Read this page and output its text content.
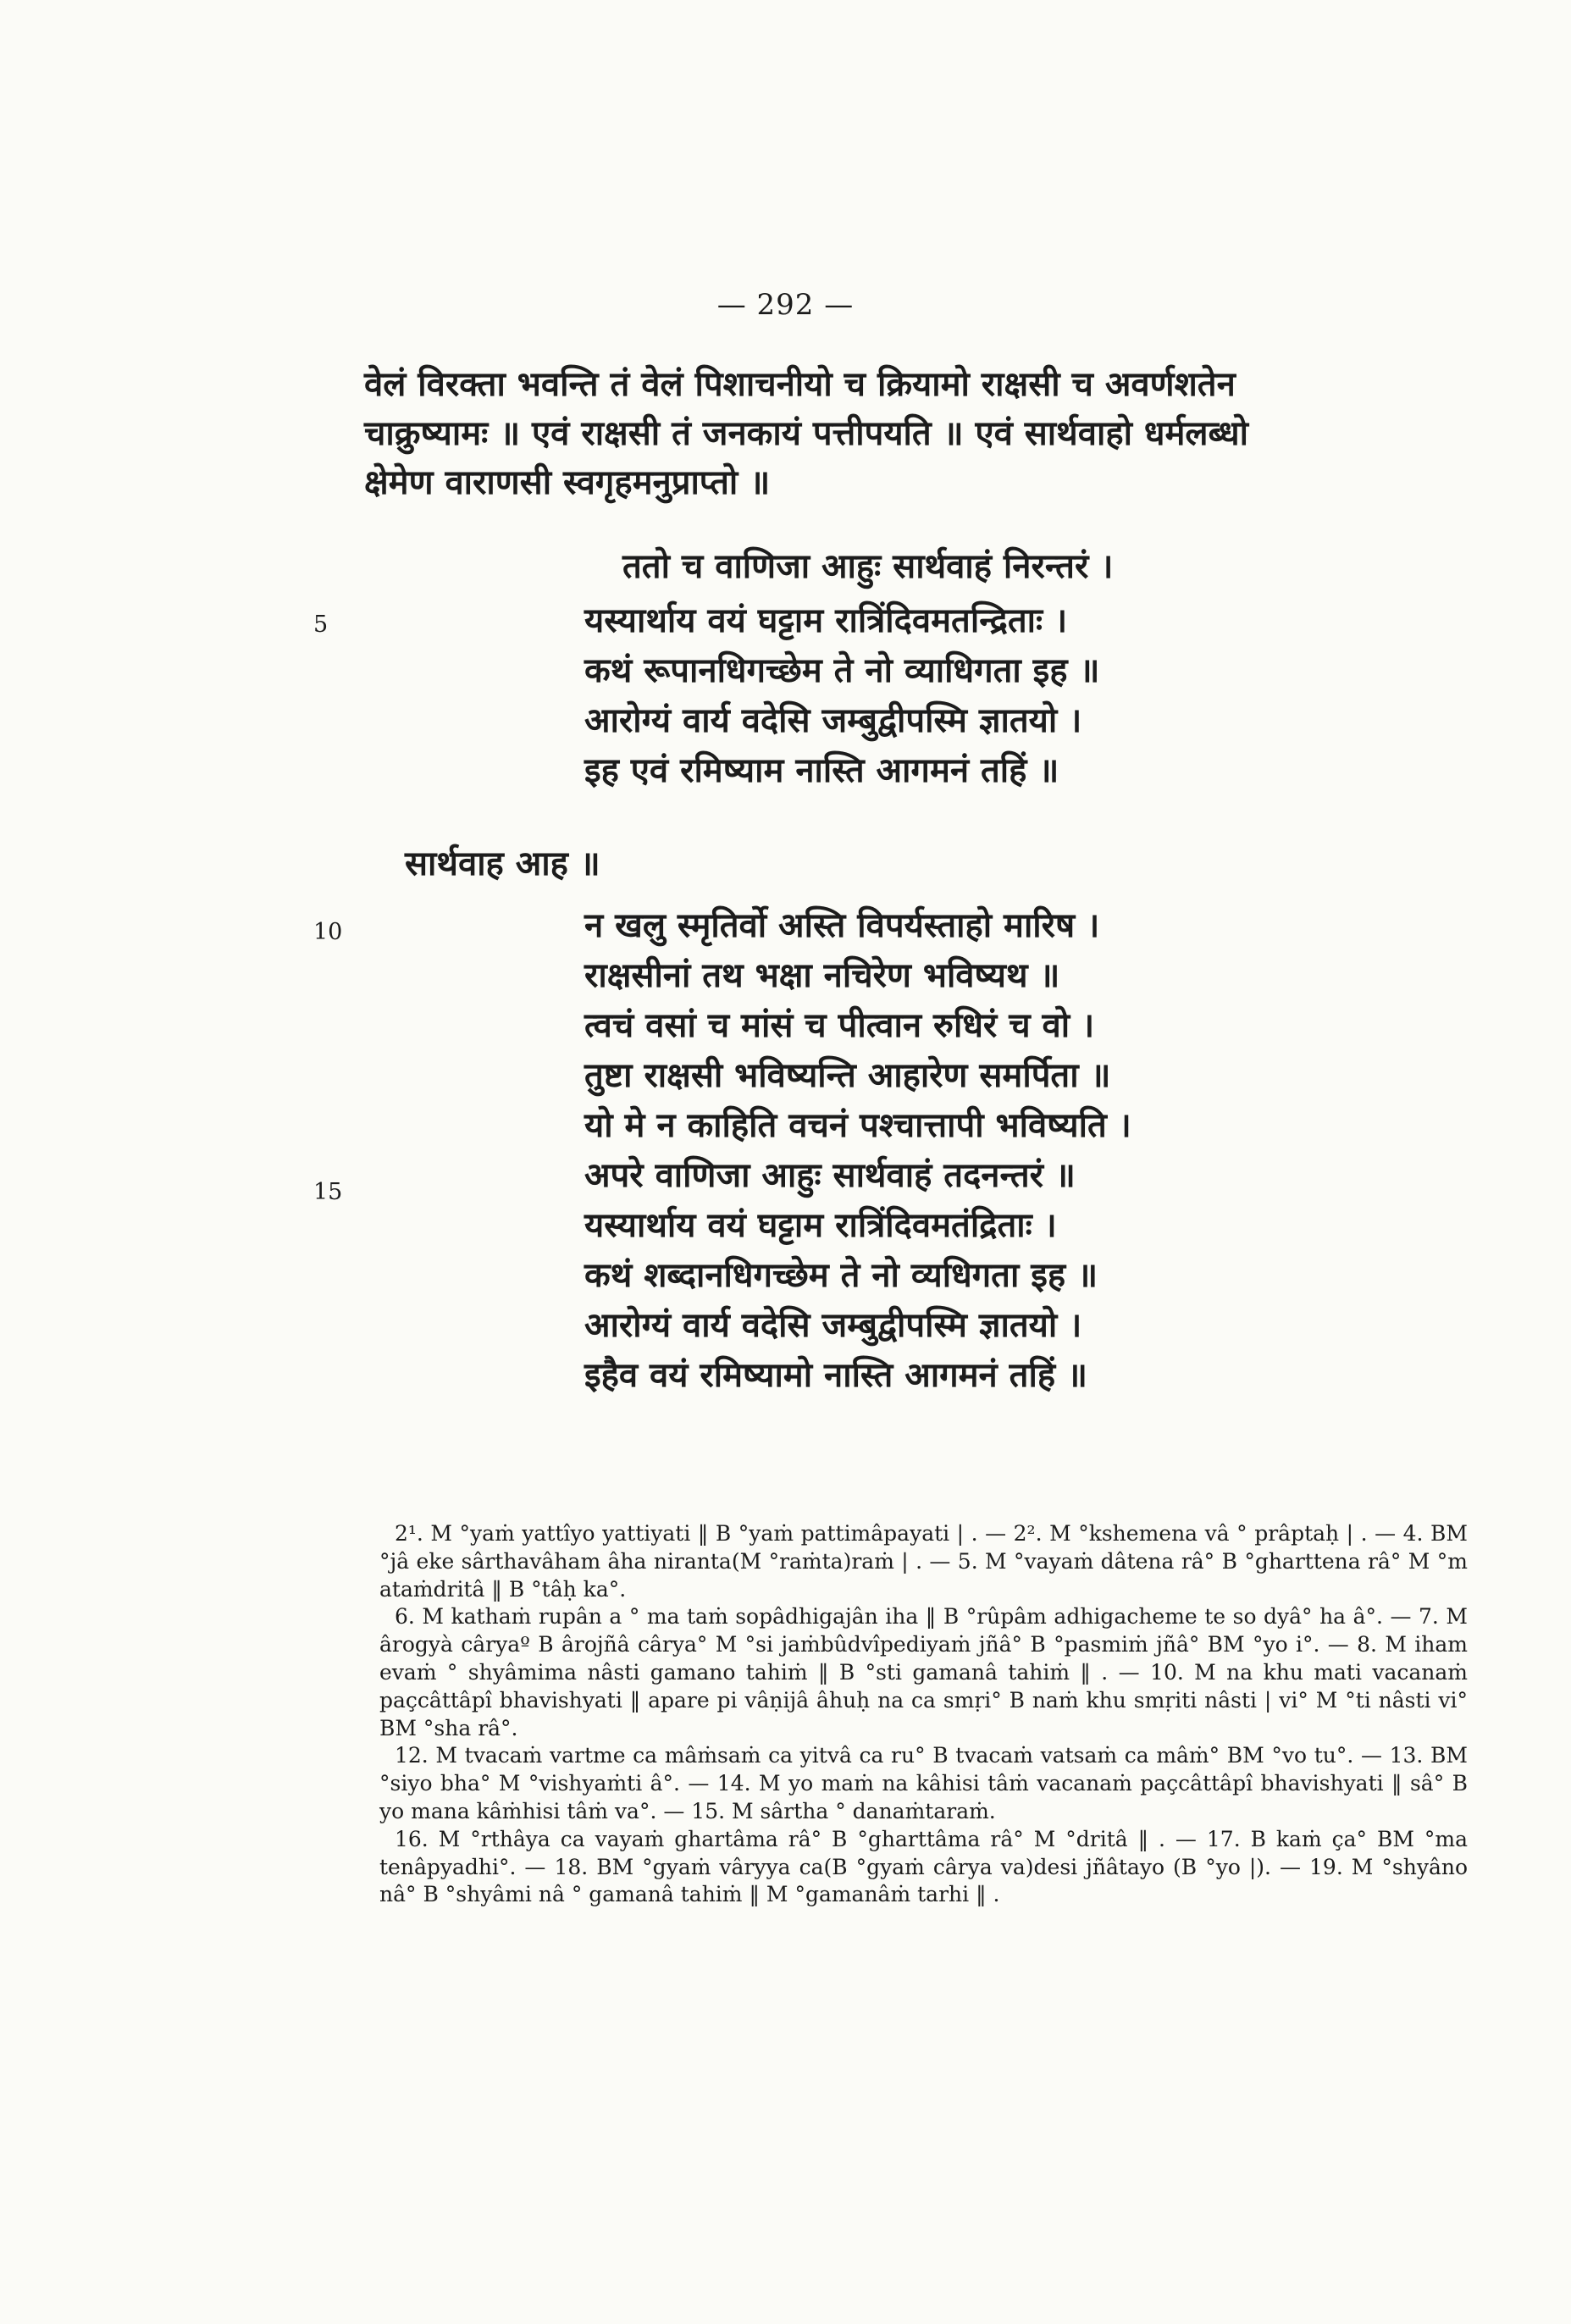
— 292 —
वेलं विरक्ता भवन्ति तं वेलं पिशाचनीयो च क्रियामो राक्षसी च अवर्णशतेन
चाक्रुष्यामः ॥ एवं राक्षसी तं जनकायं पत्तीपयति ॥ एवं सार्थवाहो धर्मलब्धो
क्षेमेण वाराणसी स्वगृहमनुप्राप्तो ॥
ततो च वाणिजा आहुः सार्थवाहं निरन्तरं ।
यस्यार्थाय वयं घट्टाम रात्रिंदिवमतन्द्रिताः ।
कथं रूपानधिगच्छेम ते नो व्याधिगता इह ॥
आरोग्यं वार्य वदेसि जम्बुद्वीपस्मि ज्ञातयो ।
इह एवं रमिष्याम नास्ति आगमनं तहिं ॥
5
सार्थवाह आह ॥
न खलु स्मृतिर्वो अस्ति विपर्यस्ताहो मारिष ।
राक्षसीनां तथ भक्षा नचिरेण भविष्यथ ॥
त्वचं वसां च मांसं च पीत्वान रुधिरं च वो ।
तुष्टा राक्षसी भविष्यन्ति आहारेण समर्पिता ॥
यो मे न काहिति वचनं पश्चात्तापी भविष्यति ।
अपरे वाणिजा आहुः सार्थवाहं तदनन्तरं ॥
यस्यार्थाय वयं घट्टाम रात्रिंदिवमतंद्रिताः ।
कथं शब्दानधिगच्छेम ते नो व्यधिगता इह ॥
आरोग्यं वार्य वदेसि जम्बुद्वीपस्मि ज्ञातयो ।
इहैव वयं रमिष्यामो नास्ति आगमनं तहिं ॥
10
15

2¹. M °yaṁ yattîyo yattiyati ‖ B °yaṁ pattimâpayati | . — 2². M °kshemena vâ ° prâptaḥ | . — 4. BM °jâ eke sârthavâham âha niranta(M °raṁta)raṁ | . — 5. M °vayaṁ dâtena râ° B °gharttena râ° M °m ataṁdritâ ‖ B °tâḥ ka°.

6. M kathaṁ rupân a ° ma taṁ sopâdhigajân iha ‖ B °rûpâm adhigacheme te so dyâ° ha â°. — 7. M ârogyà câryaº B ârojñâ cârya° M °si jaṁbûdvîpediyaṁ jñâ° B °pasmiṁ jñâ° BM °yo i°. — 8. M iham evaṁ ° shyâmima nâsti gamano tahiṁ ‖ B °sti gamanâ tahiṁ ‖ . — 10. M na khu mati vacanaṁ paçcâttâpî bhavishyati ‖ apare pi vâṇijâ âhuḥ na ca smṛi° B naṁ khu smṛiti nâsti | vi° M °ti nâsti vi° BM °sha râ°.

12. M tvacaṁ vartme ca mâṁsaṁ ca yitvâ ca ru° B tvacaṁ vatsaṁ ca mâṁ° BM °vo tu°. — 13. BM °siyo bha° M °vishyaṁti â°. — 14. M yo maṁ na kâhisi tâṁ vacanaṁ paçcâttâpî bhavishyati ‖ sâ° B yo mana kâṁhisi tâṁ va°. — 15. M sârtha ° danaṁtaraṁ.

16. M °rthâya ca vayaṁ ghartâma râ° B °gharttâma râ° M °dritâ ‖ . — 17. B kaṁ ça° BM °ma tenâpyadhi°. — 18. BM °gyaṁ vâryya ca(B °gyaṁ cârya va)desi jñâtayo (B °yo |). — 19. M °shyâno nâ° B °shyâmi nâ ° gamanâ tahiṁ ‖ M °gamanâṁ tarhi ‖ .
